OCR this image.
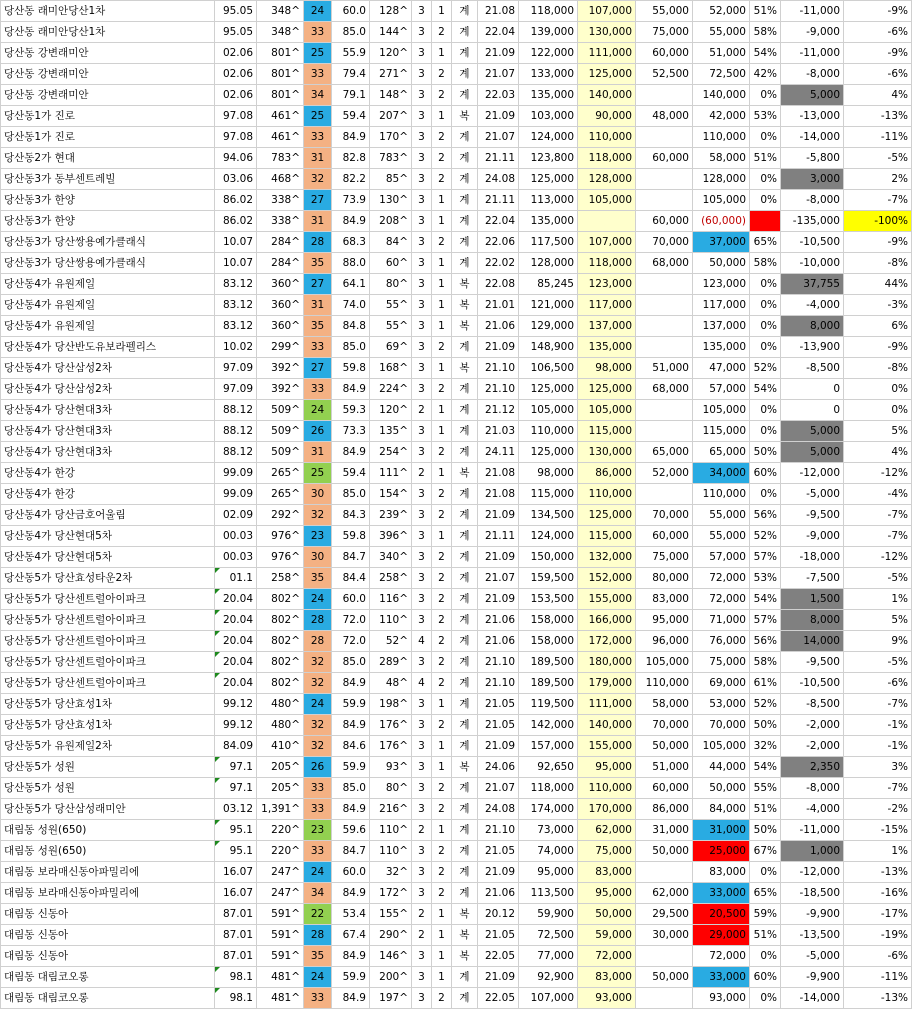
당산동 래미안당산1차	95.05	348^	24	60.0	128^	3	1	계	21.08	118,000	107,000	55,000	52,000	51%	-11,000	-9%
당산동 래미안당산1차	95.05	348^	33	85.0	144^	3	2	계	22.04	139,000	130,000	75,000	55,000	58%	-9,000	-6%
당산동 강변래미안	02.06	801^	25	55.9	120^	3	1	계	21.09	122,000	111,000	60,000	51,000	54%	-11,000	-9%
당산동 강변래미안	02.06	801^	33	79.4	271^	3	2	계	21.07	133,000	125,000	52,500	72,500	42%	-8,000	-6%
당산동 강변래미안	02.06	801^	34	79.1	148^	3	2	계	22.03	135,000	140,000		140,000	0%	5,000	4%
당산동1가 진로	97.08	461^	25	59.4	207^	3	1	복	21.09	103,000	90,000	48,000	42,000	53%	-13,000	-13%
당산동1가 진로	97.08	461^	33	84.9	170^	3	2	계	21.07	124,000	110,000		110,000	0%	-14,000	-11%
당산동2가 현대	94.06	783^	31	82.8	783^	3	2	계	21.11	123,800	118,000	60,000	58,000	51%	-5,800	-5%
당산동3가 동부센트레빌	03.06	468^	32	82.2	85^	3	2	계	24.08	125,000	128,000		128,000	0%	3,000	2%
당산동3가 한양	86.02	338^	27	73.9	130^	3	1	계	21.11	113,000	105,000		105,000	0%	-8,000	-7%
당산동3가 한양	86.02	338^	31	84.9	208^	3	1	계	22.04	135,000		60,000	(60,000)		-135,000	-100%
당산동3가 당산쌍용예가클래식	10.07	284^	28	68.3	84^	3	2	계	22.06	117,500	107,000	70,000	37,000	65%	-10,500	-9%
당산동3가 당산쌍용예가클래식	10.07	284^	35	88.0	60^	3	1	계	22.02	128,000	118,000	68,000	50,000	58%	-10,000	-8%
당산동4가 유원제일	83.12	360^	27	64.1	80^	3	1	복	22.08	85,245	123,000		123,000	0%	37,755	44%
당산동4가 유원제일	83.12	360^	31	74.0	55^	3	1	복	21.01	121,000	117,000		117,000	0%	-4,000	-3%
당산동4가 유원제일	83.12	360^	35	84.8	55^	3	1	복	21.06	129,000	137,000		137,000	0%	8,000	6%
당산동4가 당산반도유보라펠리스	10.02	299^	33	85.0	69^	3	2	계	21.09	148,900	135,000		135,000	0%	-13,900	-9%
당산동4가 당산삼성2차	97.09	392^	27	59.8	168^	3	1	복	21.10	106,500	98,000	51,000	47,000	52%	-8,500	-8%
당산동4가 당산삼성2차	97.09	392^	33	84.9	224^	3	2	계	21.10	125,000	125,000	68,000	57,000	54%	0	0%
당산동4가 당산현대3차	88.12	509^	24	59.3	120^	2	1	계	21.12	105,000	105,000		105,000	0%	0	0%
당산동4가 당산현대3차	88.12	509^	26	73.3	135^	3	1	계	21.03	110,000	115,000		115,000	0%	5,000	5%
당산동4가 당산현대3차	88.12	509^	31	84.9	254^	3	2	계	24.11	125,000	130,000	65,000	65,000	50%	5,000	4%
당산동4가 한강	99.09	265^	25	59.4	111^	2	1	복	21.08	98,000	86,000	52,000	34,000	60%	-12,000	-12%
당산동4가 한강	99.09	265^	30	85.0	154^	3	2	계	21.08	115,000	110,000		110,000	0%	-5,000	-4%
당산동4가 당산금호어울림	02.09	292^	32	84.3	239^	3	2	계	21.09	134,500	125,000	70,000	55,000	56%	-9,500	-7%
당산동4가 당산현대5차	00.03	976^	23	59.8	396^	3	1	계	21.11	124,000	115,000	60,000	55,000	52%	-9,000	-7%
당산동4가 당산현대5차	00.03	976^	30	84.7	340^	3	2	계	21.09	150,000	132,000	75,000	57,000	57%	-18,000	-12%
당산동5가 당산효성타운2차	01.1	258^	35	84.4	258^	3	2	계	21.07	159,500	152,000	80,000	72,000	53%	-7,500	-5%
당산동5가 당산센트럴아이파크	20.04	802^	24	60.0	116^	3	2	계	21.09	153,500	155,000	83,000	72,000	54%	1,500	1%
당산동5가 당산센트럴아이파크	20.04	802^	28	72.0	110^	3	2	계	21.06	158,000	166,000	95,000	71,000	57%	8,000	5%
당산동5가 당산센트럴아이파크	20.04	802^	28	72.0	52^	4	2	계	21.06	158,000	172,000	96,000	76,000	56%	14,000	9%
당산동5가 당산센트럴아이파크	20.04	802^	32	85.0	289^	3	2	계	21.10	189,500	180,000	105,000	75,000	58%	-9,500	-5%
당산동5가 당산센트럴아이파크	20.04	802^	32	84.9	48^	4	2	계	21.10	189,500	179,000	110,000	69,000	61%	-10,500	-6%
당산동5가 당산효성1차	99.12	480^	24	59.9	198^	3	1	계	21.05	119,500	111,000	58,000	53,000	52%	-8,500	-7%
당산동5가 당산효성1차	99.12	480^	32	84.9	176^	3	2	계	21.05	142,000	140,000	70,000	70,000	50%	-2,000	-1%
당산동5가 유원제일2차	84.09	410^	32	84.6	176^	3	1	계	21.09	157,000	155,000	50,000	105,000	32%	-2,000	-1%
당산동5가 성원	97.1	205^	26	59.9	93^	3	1	복	24.06	92,650	95,000	51,000	44,000	54%	2,350	3%
당산동5가 성원	97.1	205^	33	85.0	80^	3	2	계	21.07	118,000	110,000	60,000	50,000	55%	-8,000	-7%
당산동5가 당산삼성래미안	03.12	1,391^	33	84.9	216^	3	2	계	24.08	174,000	170,000	86,000	84,000	51%	-4,000	-2%
대림동 성원(650)	95.1	220^	23	59.6	110^	2	1	계	21.10	73,000	62,000	31,000	31,000	50%	-11,000	-15%
대림동 성원(650)	95.1	220^	33	84.7	110^	3	2	계	21.05	74,000	75,000	50,000	25,000	67%	1,000	1%
대림동 보라매신동아파밀리에	16.07	247^	24	60.0	32^	3	2	계	21.09	95,000	83,000		83,000	0%	-12,000	-13%
대림동 보라매신동아파밀리에	16.07	247^	34	84.9	172^	3	2	계	21.06	113,500	95,000	62,000	33,000	65%	-18,500	-16%
대림동 신동아	87.01	591^	22	53.4	155^	2	1	복	20.12	59,900	50,000	29,500	20,500	59%	-9,900	-17%
대림동 신동아	87.01	591^	28	67.4	290^	2	1	복	21.05	72,500	59,000	30,000	29,000	51%	-13,500	-19%
대림동 신동아	87.01	591^	35	84.9	146^	3	1	복	22.05	77,000	72,000		72,000	0%	-5,000	-6%
대림동 대림코오롱	98.1	481^	24	59.9	200^	3	1	계	21.09	92,900	83,000	50,000	33,000	60%	-9,900	-11%
대림동 대림코오롱	98.1	481^	33	84.9	197^	3	2	계	22.05	107,000	93,000		93,000	0%	-14,000	-13%
